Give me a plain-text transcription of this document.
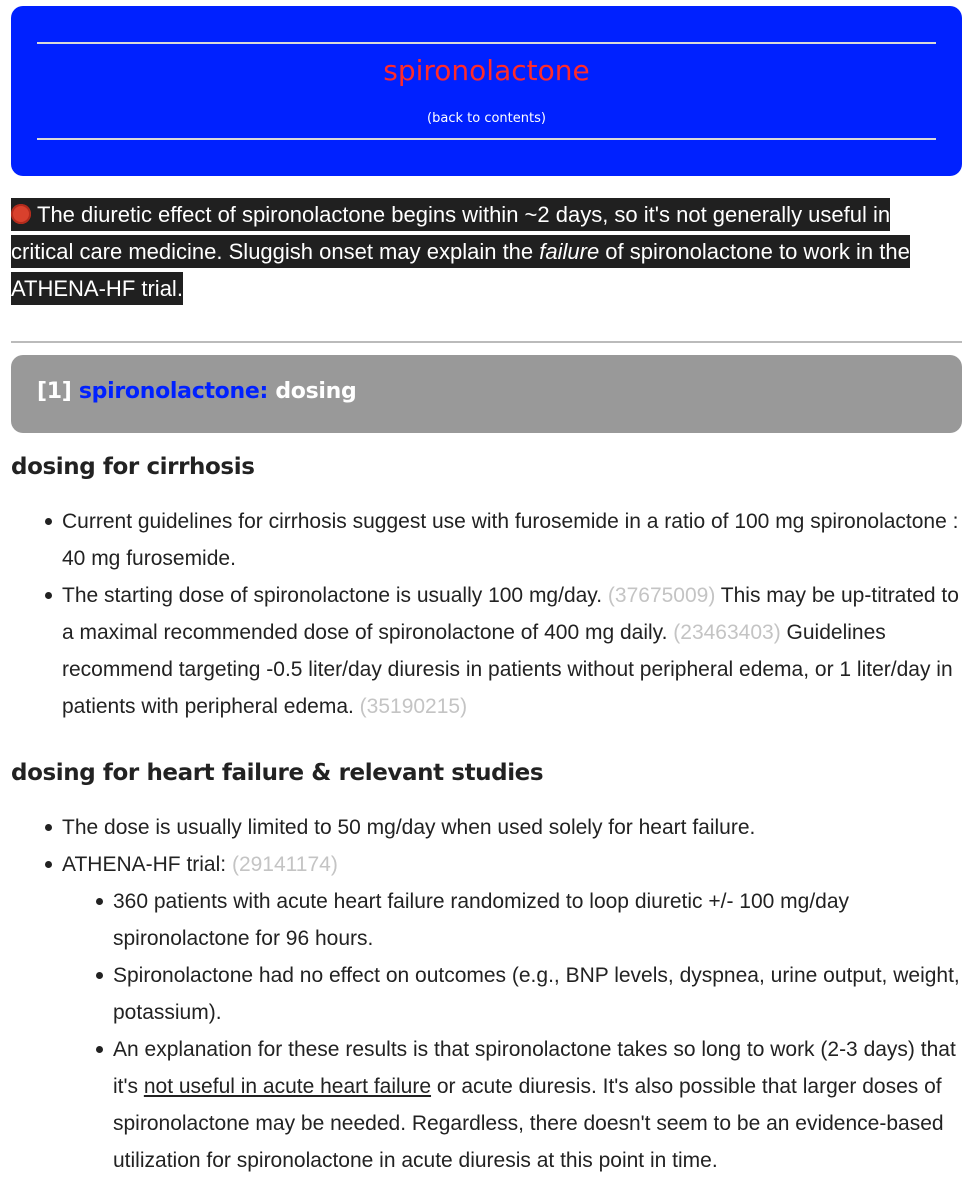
spironolactone
(back to contents)
The diuretic effect of spironolactone begins within ~2 days, so it's not generally useful in critical care medicine. Sluggish onset may explain the failure of spironolactone to work in the ATHENA-HF trial.
[1] spironolactone: dosing
dosing for cirrhosis
Current guidelines for cirrhosis suggest use with furosemide in a ratio of 100 mg spironolactone : 40 mg furosemide.
The starting dose of spironolactone is usually 100 mg/day. (37675009) This may be up-titrated to a maximal recommended dose of spironolactone of 400 mg daily. (23463403) Guidelines recommend targeting -0.5 liter/day diuresis in patients without peripheral edema, or 1 liter/day in patients with peripheral edema. (35190215)
dosing for heart failure & relevant studies
The dose is usually limited to 50 mg/day when used solely for heart failure.
ATHENA-HF trial: (29141174)
360 patients with acute heart failure randomized to loop diuretic +/- 100 mg/day spironolactone for 96 hours.
Spironolactone had no effect on outcomes (e.g., BNP levels, dyspnea, urine output, weight, potassium).
An explanation for these results is that spironolactone takes so long to work (2-3 days) that it's not useful in acute heart failure or acute diuresis. It's also possible that larger doses of spironolactone may be needed. Regardless, there doesn't seem to be an evidence-based utilization for spironolactone in acute diuresis at this point in time.
